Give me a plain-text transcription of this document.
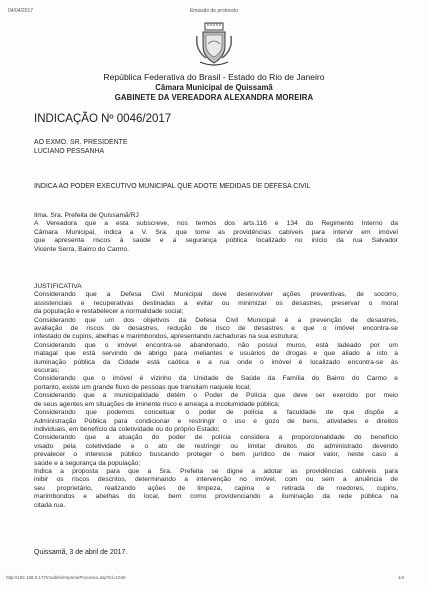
04/04/2017	Emissão de protocolo
República Federativa do Brasil - Estado do Rio de Janeiro
Câmara Municipal de Quissamã
GABINETE DA VEREADORA ALEXANDRA MOREIRA
INDICAÇÃO Nº 0046/2017
AO EXMO. SR. PRESIDENTE
LUCIANO PESSANHA
INDICA AO PODER EXECUTIVO MUNICIPAL QUE ADOTE MEDIDAS DE DEFESA CIVIL
Ilma. Sra. Prefeita de Quissamã/RJ
A Vereadora que a esta subscreve, nos termos dos arts.116 e 134 do Regimento Interno da
Câmara Municipal, indica a V. Sra. que tome as providências cabíveis para intervir em imóvel
que apresenta riscos à saúde e a segurança pública localizado no início da rua Salvador
Vicente Serra, Bairro do Carmo.
JUSTIFICATIVA
Considerando que a Defesa Civil Municipal deve desenvolver ações preventivas, de socorro,
assistenciais e recuperativas destinadas a evitar ou minimizar os desastres, preservar o moral
da população e restabelecer a normalidade social;
Considerando que um dos objetivos da Defesa Civil Municipal é a prevenção de desastres,
avaliação de riscos de desastres, redução de risco de desastres e que o imóvel encontra-se
infestado de cupins, abelhas e marimbondos, apresentando rachaduras na sua estrutura;
Considerando que o imóvel encontra-se abandonado, não possui muros, está ladeado por um
matagal que está servindo de abrigo para meliantes e usuários de drogas e que aliado a isto a
iluminação pública da Cidade está caótica e a rua onde o imóvel é localizado encontra-se às
escuras;
Considerando que o imóvel é vizinho da Unidade de Saúde da Família do Bairro do Carmo e
portanto, existe um grande fluxo de pessoas que transitam naquele local;
Considerando que a municipalidade detém o Poder de Polícia que deve ser exercido por meio
de seus agentes em situações de iminente risco e ameaça a incolumidade pública;
Considerando que podemos conceituar o poder de polícia a faculdade de que dispõe a
Administração Pública para condicionar e restringir o uso e gozo de bens, atividades e direitos
individuais, em benefício da coletividade ou do próprio Estado;
Considerando que a atuação do poder de polícia considera a proporcionalidade do benefício
visado pela coletividade e o ato de restringir ou limitar direitos do administrado devendo
prevalecer o interesse público buscando proteger o bem jurídico de maior valor, neste caso a
saúde e a segurança da população;
Indica a proposta para que a Sra. Prefeita se digne a adotar as providências cabíveis para
inibir os riscos descritos, determinando a intervenção no imóvel, com ou sem a anuência de
seu proprietário, realizando ações de limpeza, capina e retirada de roedores, cupins,
marimbondos e abelhas do local, bem como providenciando a iluminação da rede pública na
citada rua.
Quissamã, 3 de abril de 2017.
http://192.168.0.177/modelo/ImprimeProcesso.asp?id=1040	1/2
